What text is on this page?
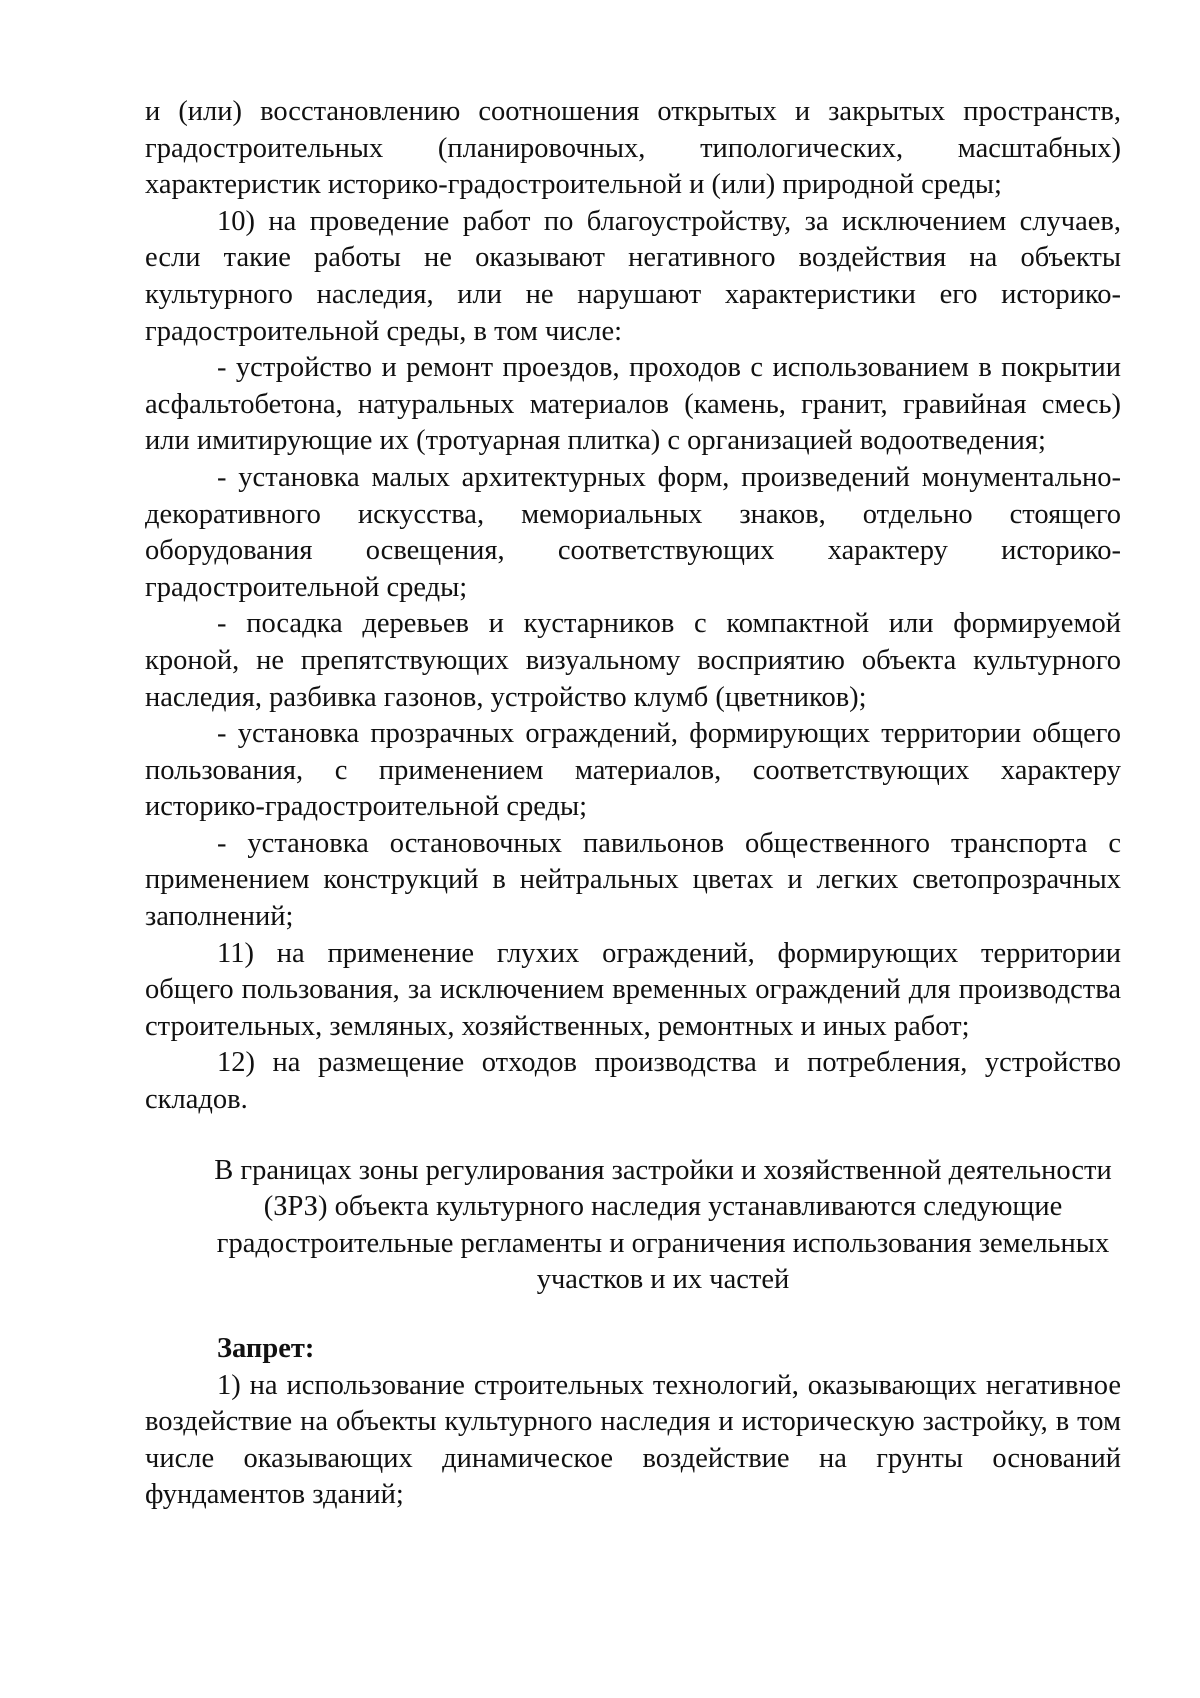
и (или) восстановлению соотношения открытых и закрытых пространств, градостроительных (планировочных, типологических, масштабных) характеристик историко-градостроительной и (или) природной среды;

10) на проведение работ по благоустройству, за исключением случаев, если такие работы не оказывают негативного воздействия на объекты культурного наследия, или не нарушают характеристики его историко-градостроительной среды, в том числе:

- устройство и ремонт проездов, проходов с использованием в покрытии асфальтобетона, натуральных материалов (камень, гранит, гравийная смесь) или имитирующие их (тротуарная плитка) с организацией водоотведения;

- установка малых архитектурных форм, произведений монументально-декоративного искусства, мемориальных знаков, отдельно стоящего оборудования освещения, соответствующих характеру историко-градостроительной среды;

- посадка деревьев и кустарников с компактной или формируемой кроной, не препятствующих визуальному восприятию объекта культурного наследия, разбивка газонов, устройство клумб (цветников);

- установка прозрачных ограждений, формирующих территории общего пользования, с применением материалов, соответствующих характеру историко-градостроительной среды;

- установка остановочных павильонов общественного транспорта с применением конструкций в нейтральных цветах и легких светопрозрачных заполнений;

11) на применение глухих ограждений, формирующих территории общего пользования, за исключением временных ограждений для производства строительных, земляных, хозяйственных, ремонтных и иных работ;

12) на размещение отходов производства и потребления, устройство складов.

В границах зоны регулирования застройки и хозяйственной деятельности
(ЗРЗ) объекта культурного наследия устанавливаются следующие
градостроительные регламенты и ограничения использования земельных
участков и их частей

Запрет:

1) на использование строительных технологий, оказывающих негативное воздействие на объекты культурного наследия и историческую застройку, в том числе оказывающих динамическое воздействие на грунты оснований фундаментов зданий;
